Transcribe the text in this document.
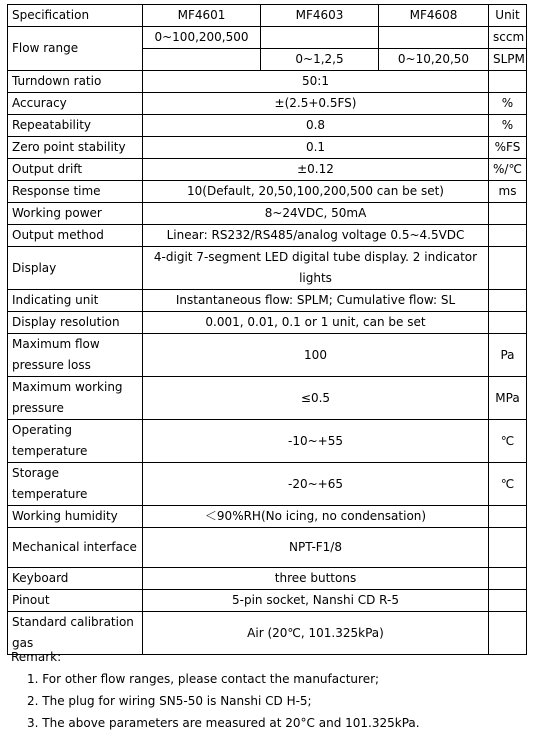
Specification	MF4601	MF4603	MF4608	Unit
Flow range	0~100,200,500			sccm
		0~1,2,5	0~10,20,50	SLPM
Turndown ratio	50:1			
Accuracy	±(2.5+0.5FS)			%
Repeatability	0.8			%
Zero point stability	0.1			%FS
Output drift	±0.12			%/℃
Response time	10(Default, 20,50,100,200,500 can be set)			ms
Working power	8~24VDC, 50mA			
Output method	Linear: RS232/RS485/analog voltage 0.5~4.5VDC			
Display	4-digit 7-segment LED digital tube display. 2 indicator lights			
Indicating unit	Instantaneous flow: SPLM; Cumulative flow: SL			
Display resolution	0.001, 0.01, 0.1 or 1 unit, can be set			
Maximum flow pressure loss	100			Pa
Maximum working pressure	≤0.5			MPa
Operating temperature	-10~+55			℃
Storage temperature	-20~+65			℃
Working humidity	＜90%RH(No icing, no condensation)			
Mechanical interface	NPT-F1/8			
Keyboard	three buttons			
Pinout	5-pin socket, Nanshi CD R-5			
Standard calibration gas	Air (20℃, 101.325kPa)			
Remark:
1. For other flow ranges, please contact the manufacturer;
2. The plug for wiring SN5-50 is Nanshi CD H-5;
3. The above parameters are measured at 20°C and 101.325kPa.
